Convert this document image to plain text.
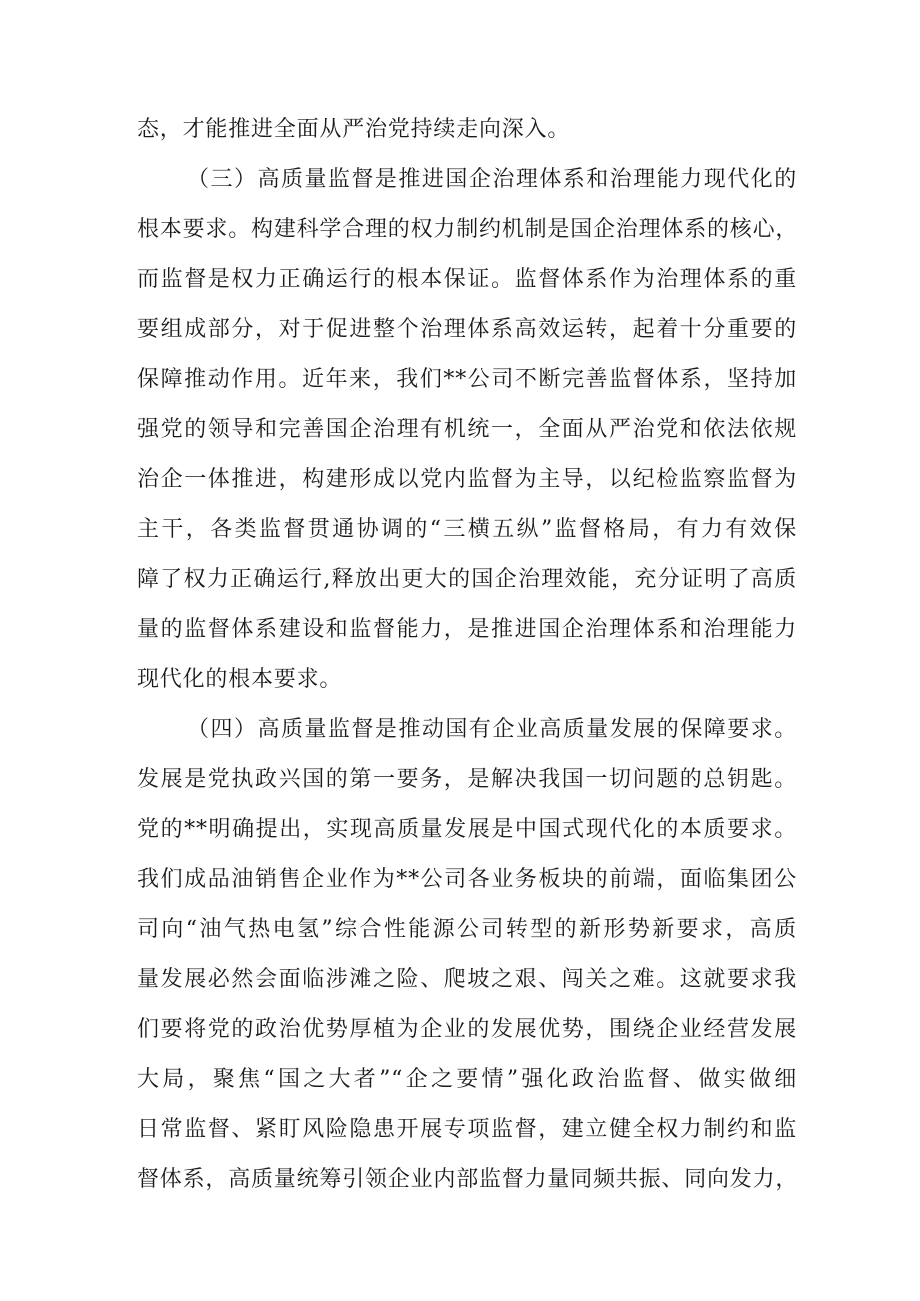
态，才能推进全面从严治党持续走向深入。
（三）高质量监督是推进国企治理体系和治理能力现代化的
根本要求。构建科学合理的权力制约机制是国企治理体系的核心，
而监督是权力正确运行的根本保证。监督体系作为治理体系的重
要组成部分，对于促进整个治理体系高效运转，起着十分重要的
保障推动作用。近年来，我们**公司不断完善监督体系，坚持加
强党的领导和完善国企治理有机统一，全面从严治党和依法依规
治企一体推进，构建形成以党内监督为主导，以纪检监察监督为
主干，各类监督贯通协调的“三横五纵”监督格局，有力有效保
障了权力正确运行,释放出更大的国企治理效能，充分证明了高质
量的监督体系建设和监督能力，是推进国企治理体系和治理能力
现代化的根本要求。
（四）高质量监督是推动国有企业高质量发展的保障要求。
发展是党执政兴国的第一要务，是解决我国一切问题的总钥匙。
党的**明确提出，实现高质量发展是中国式现代化的本质要求。
我们成品油销售企业作为**公司各业务板块的前端，面临集团公
司向“油气热电氢”综合性能源公司转型的新形势新要求，高质
量发展必然会面临涉滩之险、爬坡之艰、闯关之难。这就要求我
们要将党的政治优势厚植为企业的发展优势，围绕企业经营发展
大局，聚焦“国之大者”“企之要情”强化政治监督、做实做细
日常监督、紧盯风险隐患开展专项监督，建立健全权力制约和监
督体系，高质量统筹引领企业内部监督力量同频共振、同向发力，
